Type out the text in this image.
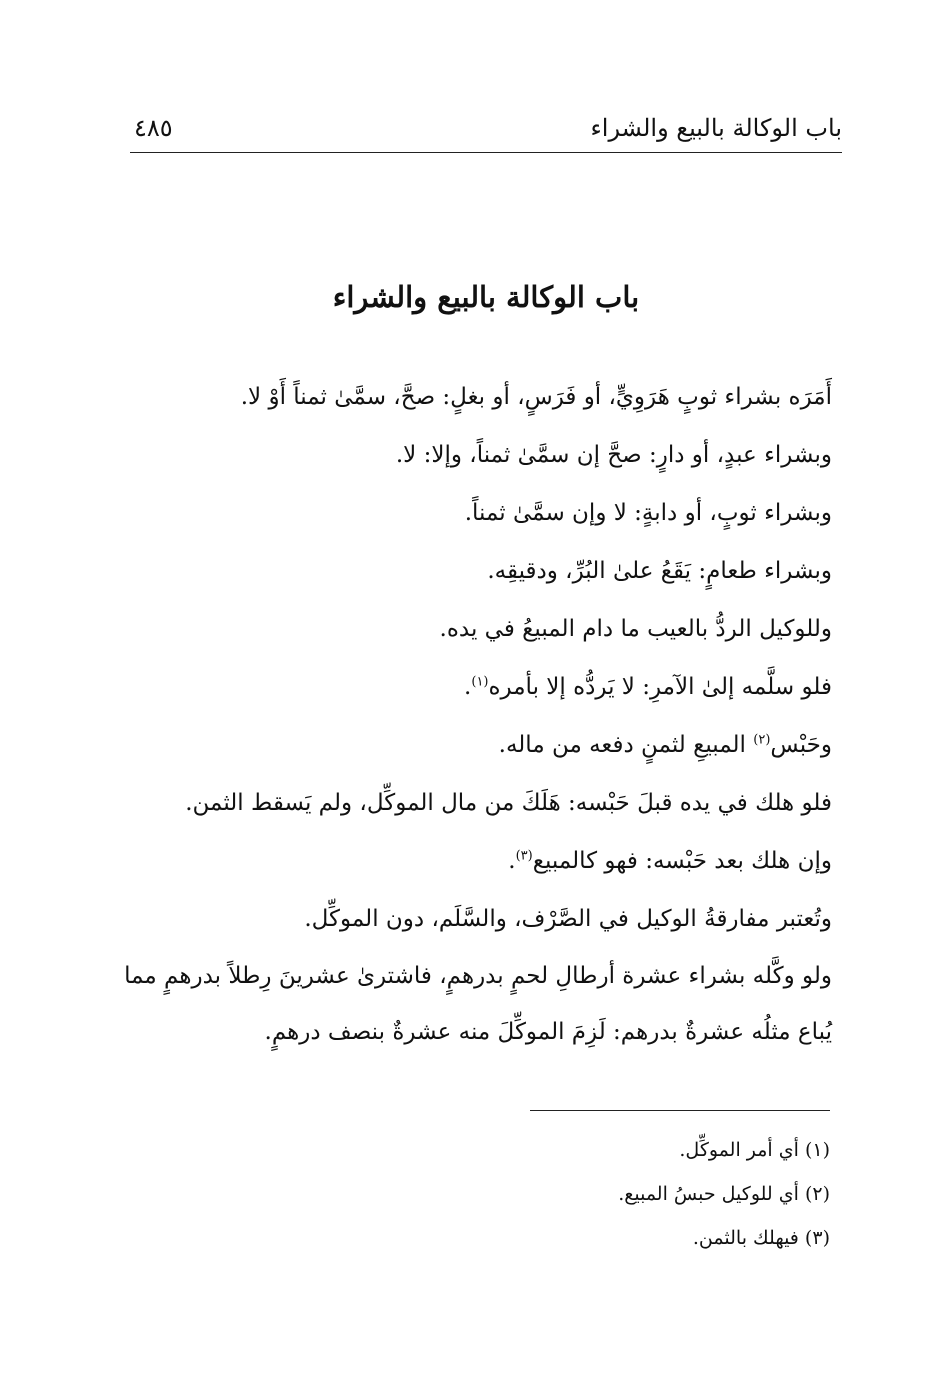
باب الوكالة بالبيع والشراء
٤٨٥
باب الوكالة بالبيع والشراء

أَمَرَه بشراء ثوبٍ هَرَوِيٍّ، أو فَرَسٍ، أو بغلٍ: صحَّ، سمَّىٰ ثمناً أَوْ لا.

وبشراء عبدٍ، أو دارٍ: صحَّ إن سمَّىٰ ثمناً، وإلا: لا.

وبشراء ثوبٍ، أو دابةٍ: لا وإن سمَّىٰ ثمناً.

وبشراء طعامٍ: يَقَعُ علىٰ البُرِّ، ودقيقِه.

وللوكيل الردُّ بالعيب ما دام المبيعُ في يده.

فلو سلَّمه إلىٰ الآمرِ: لا يَردُّه إلا بأمره$^{(١)}$.

وحَبْس$^{(٢)}$ المبيعِ لثمنٍ دفعه من ماله.

فلو هلك في يده قبلَ حَبْسه: هَلَكَ من مال الموكِّل، ولم يَسقط الثمن.

وإن هلك بعد حَبْسه: فهو كالمبيع$^{(٣)}$.

وتُعتبر مفارقةُ الوكيل في الصَّرْف، والسَّلَم، دون الموكِّل.

ولو وكَّله بشراء عشرة أرطالِ لحمٍ بدرهمٍ، فاشترىٰ عشرينَ رِطلاً بدرهمٍ مما يُباع مثلُه عشرةٌ بدرهم: لَزِمَ الموكِّلَ منه عشرةٌ بنصف درهمٍ.

(١) أي أمر الموكِّل.
(٢) أي للوكيل حبسُ المبيع.
(٣) فيهلك بالثمن.
